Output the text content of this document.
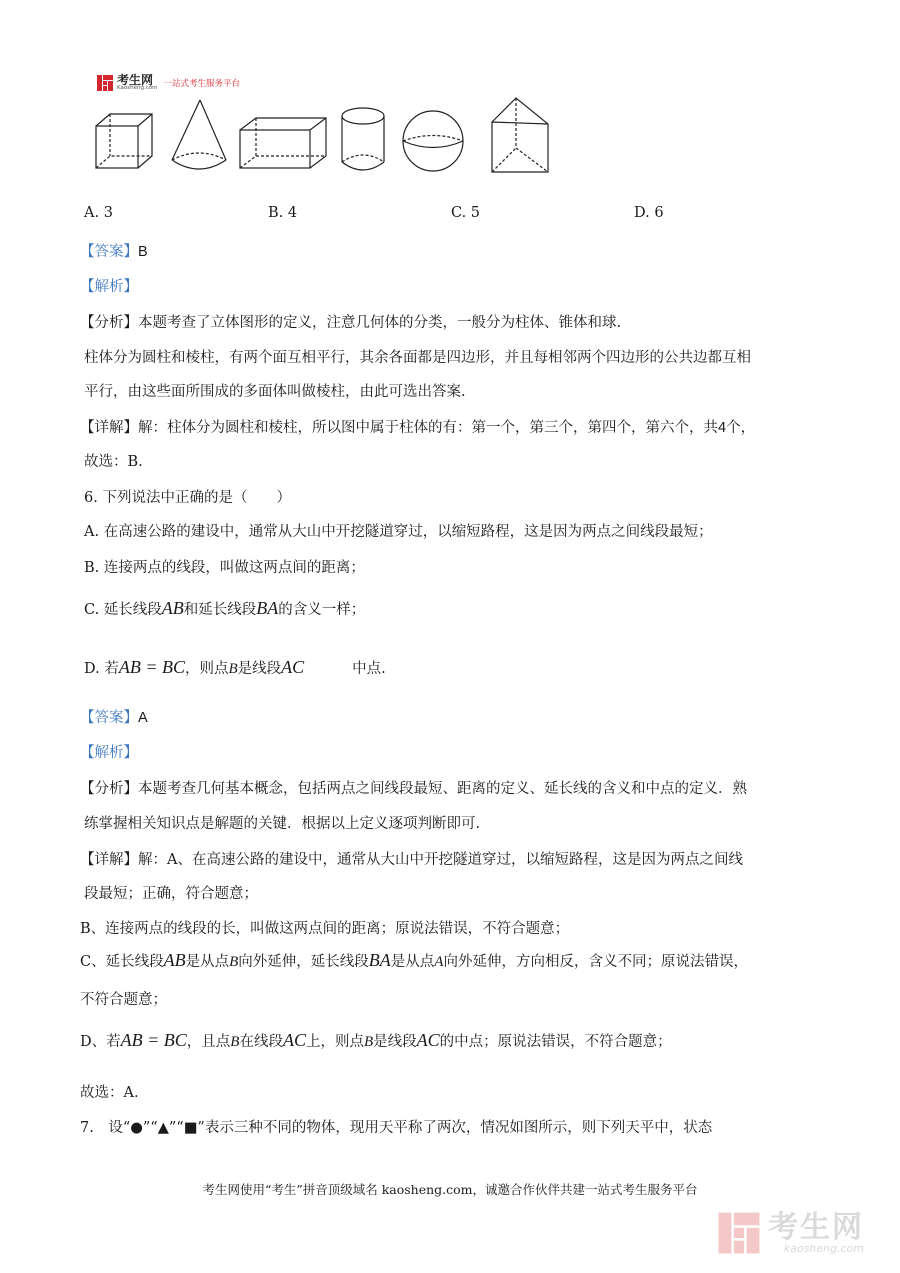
考生网
Kaosheng.com 一站式考生服务平台
A. 3	B. 4	C. 5	D. 6
【答案】B
【解析】
【分析】本题考查了立体图形的定义，注意几何体的分类，一般分为柱体、锥体和球.
柱体分为圆柱和棱柱，有两个面互相平行，其余各面都是四边形，并且每相邻两个四边形的公共边都互相
平行，由这些面所围成的多面体叫做棱柱，由此可选出答案.
【详解】解：柱体分为圆柱和棱柱，所以图中属于柱体的有：第一个，第三个，第四个，第六个，共4个，
故选：B.
6. 下列说法中正确的是（　　）
A. 在高速公路的建设中，通常从大山中开挖隧道穿过，以缩短路程，这是因为两点之间线段最短；
B. 连接两点的线段，叫做这两点间的距离；
C. 延长线段AB和延长线段BA的含义一样；
D. 若AB = BC，则点B是线段AC	中点.
【答案】A
【解析】
【分析】本题考查几何基本概念，包括两点之间线段最短、距离的定义、延长线的含义和中点的定义．熟
练掌握相关知识点是解题的关键．根据以上定义逐项判断即可.
【详解】解：A、在高速公路的建设中，通常从大山中开挖隧道穿过，以缩短路程，这是因为两点之间线
段最短；正确，符合题意；
B、连接两点的线段的长，叫做这两点间的距离；原说法错误，不符合题意；
C、延长线段AB是从点B向外延伸，延长线段BA是从点A向外延伸，方向相反，含义不同；原说法错误，
不符合题意；
D、若AB = BC，且点B在线段AC上，则点B是线段AC的中点；原说法错误，不符合题意；
故选：A.
7.　设“●”“▲”“■”表示三种不同的物体，现用天平称了两次，情况如图所示，则下列天平中，状态
考生网使用“考生”拼音顶级域名 kaosheng.com，诚邀合作伙伴共建一站式考生服务平台
考生网
kaosheng.com
